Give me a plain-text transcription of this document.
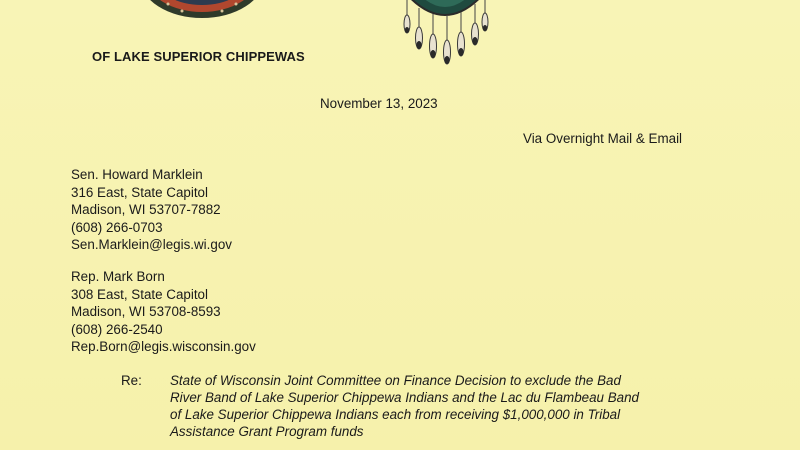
OF LAKE SUPERIOR CHIPPEWAS
November 13, 2023
Via Overnight Mail & Email
Sen. Howard Marklein
316 East, State Capitol
Madison, WI 53707-7882
(608) 266-0703
Sen.Marklein@legis.wi.gov
Rep. Mark Born
308 East, State Capitol
Madison, WI 53708-8593
(608) 266-2540
Rep.Born@legis.wisconsin.gov
Re: State of Wisconsin Joint Committee on Finance Decision to exclude the Bad
River Band of Lake Superior Chippewa Indians and the Lac du Flambeau Band
of Lake Superior Chippewa Indians each from receiving $1,000,000 in Tribal
Assistance Grant Program funds
